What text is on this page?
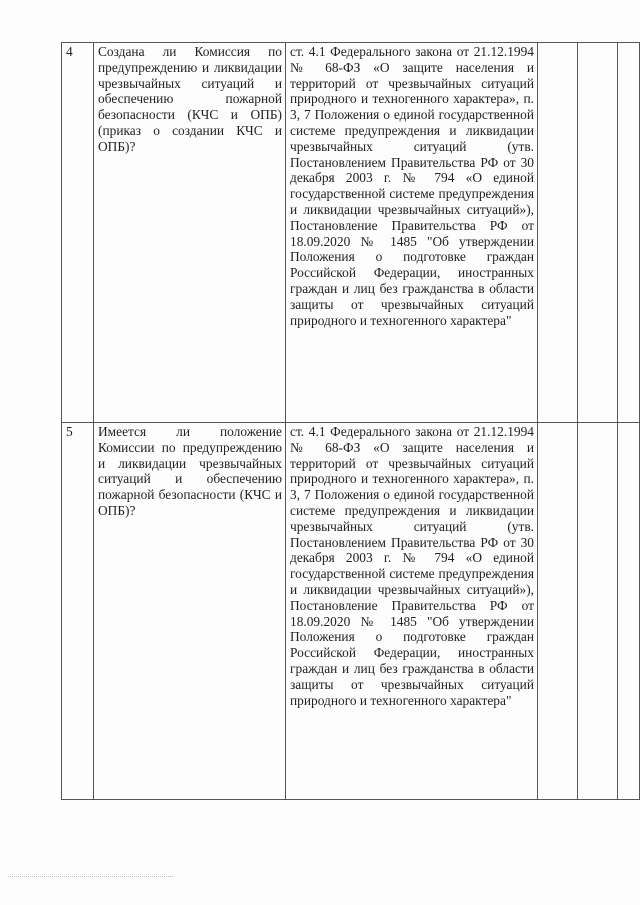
4	Создана ли Комиссия по предупреждению и ликвидации чрезвычайных ситуаций и обеспечению пожарной безопасности (КЧС и ОПБ) (приказ о создании КЧС и ОПБ)?	ст. 4.1 Федерального закона от 21.12.1994 № 68-ФЗ «О защите населения и территорий от чрезвычайных ситуаций природного и техногенного характера», п. 3, 7 Положения о единой государственной системе предупреждения и ликвидации чрезвычайных ситуаций (утв. Постановлением Правительства РФ от 30 декабря 2003 г. № 794 «О единой государственной системе предупреждения и ликвидации чрезвычайных ситуаций»), Постановление Правительства РФ от 18.09.2020 № 1485 "Об утверждении Положения о подготовке граждан Российской Федерации, иностранных граждан и лиц без гражданства в области защиты от чрезвычайных ситуаций природного и техногенного характера"			
5	Имеется ли положение Комиссии по предупреждению и ликвидации чрезвычайных ситуаций и обеспечению пожарной безопасности (КЧС и ОПБ)?	ст. 4.1 Федерального закона от 21.12.1994 № 68-ФЗ «О защите населения и территорий от чрезвычайных ситуаций природного и техногенного характера», п. 3, 7 Положения о единой государственной системе предупреждения и ликвидации чрезвычайных ситуаций (утв. Постановлением Правительства РФ от 30 декабря 2003 г. № 794 «О единой государственной системе предупреждения и ликвидации чрезвычайных ситуаций»), Постановление Правительства РФ от 18.09.2020 № 1485 "Об утверждении Положения о подготовке граждан Российской Федерации, иностранных граждан и лиц без гражданства в области защиты от чрезвычайных ситуаций природного и техногенного характера"			
